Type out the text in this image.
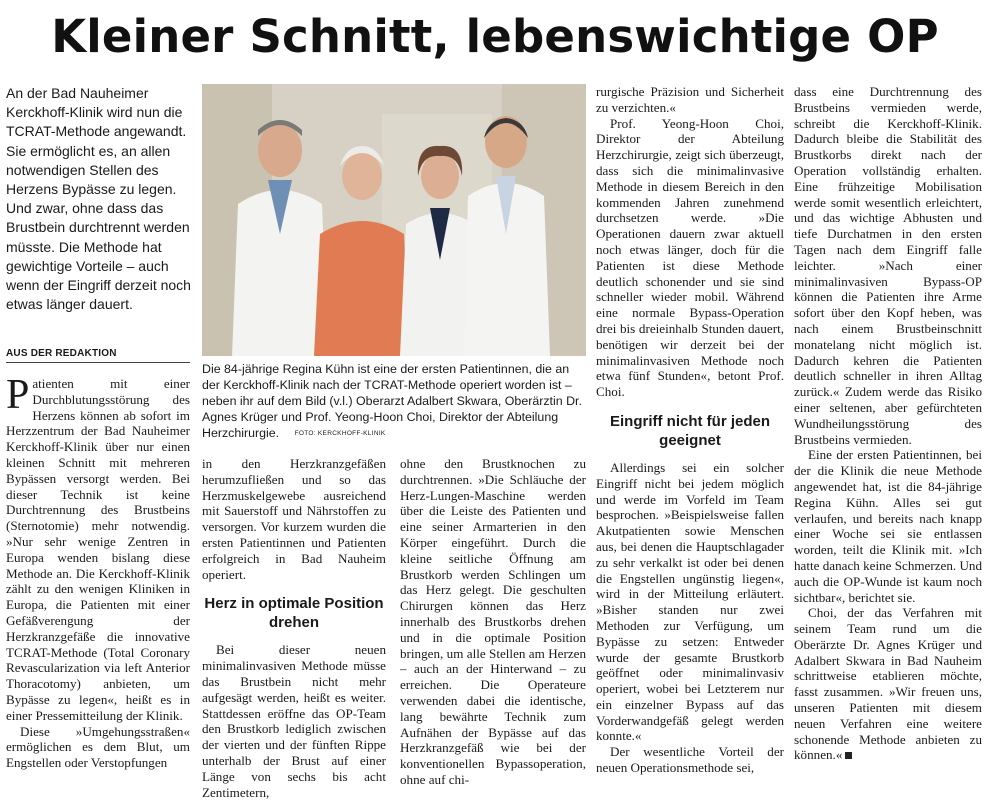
Kleiner Schnitt, lebenswichtige OP
An der Bad Nauheimer Kerckhoff-Klinik wird nun die TCRAT-Methode angewandt. Sie ermöglicht es, an allen notwendigen Stellen des Herzens Bypässe zu legen. Und zwar, ohne dass das Brustbein durchtrennt werden müsste. Die Methode hat gewichtige Vorteile – auch wenn der Eingriff derzeit noch etwas länger dauert.
AUS DER REDAKTION
Die 84-jährige Regina Kühn ist eine der ersten Patientinnen, die an der Kerckhoff-Klinik nach der TCRAT-Methode operiert worden ist – neben ihr auf dem Bild (v.l.) Oberarzt Adalbert Skwara, Oberärztin Dr. Agnes Krüger und Prof. Yeong-Hoon Choi, Direktor der Abteilung Herzchirurgie. FOTO: KERCKHOFF-KLINIK

Patienten mit einer Durchblutungsstörung des Herzens können ab sofort im Herzzentrum der Bad Nauheimer Kerckhoff-Klinik über nur einen kleinen Schnitt mit mehreren Bypässen versorgt werden. Bei dieser Technik ist keine Durchtrennung des Brustbeins (Sternotomie) mehr notwendig. »Nur sehr wenige Zentren in Europa wenden bislang diese Methode an. Die Kerckhoff-Klinik zählt zu den wenigen Kliniken in Europa, die Patienten mit einer Gefäßverengung der Herzkranzgefäße die innovative TCRAT-Methode (Total Coronary Revascularization via left Anterior Thoracotomy) anbieten, um Bypässe zu legen«, heißt es in einer Pressemitteilung der Klinik.

Diese »Umgehungsstraßen« ermöglichen es dem Blut, um Engstellen oder Verstopfungen

in den Herzkranzgefäßen herumzufließen und so das Herzmuskelgewebe ausreichend mit Sauerstoff und Nährstoffen zu versorgen. Vor kurzem wurden die ersten Patientinnen und Patienten erfolgreich in Bad Nauheim operiert.

Herz in optimale Position drehen

Bei dieser neuen minimalinvasiven Methode müsse das Brustbein nicht mehr aufgesägt werden, heißt es weiter. Stattdessen eröffne das OP-Team den Brustkorb lediglich zwischen der vierten und der fünften Rippe unterhalb der Brust auf einer Länge von sechs bis acht Zentimetern,

ohne den Brustknochen zu durchtrennen. »Die Schläuche der Herz-Lungen-Maschine werden über die Leiste des Patienten und eine seiner Armarterien in den Körper eingeführt. Durch die kleine seitliche Öffnung am Brustkorb werden Schlingen um das Herz gelegt. Die geschulten Chirurgen können das Herz innerhalb des Brustkorbs drehen und in die optimale Position bringen, um alle Stellen am Herzen – auch an der Hinterwand – zu erreichen. Die Operateure verwenden dabei die identische, lang bewährte Technik zum Aufnähen der Bypässe auf das Herzkranzgefäß wie bei der konventionellen Bypassoperation, ohne auf chi-

rurgische Präzision und Sicherheit zu verzichten.«

Prof. Yeong-Hoon Choi, Direktor der Abteilung Herzchirurgie, zeigt sich überzeugt, dass sich die minimalinvasive Methode in diesem Bereich in den kommenden Jahren zunehmend durchsetzen werde. »Die Operationen dauern zwar aktuell noch etwas länger, doch für die Patienten ist diese Methode deutlich schonender und sie sind schneller wieder mobil. Während eine normale Bypass-Operation drei bis dreieinhalb Stunden dauert, benötigen wir derzeit bei der minimalinvasiven Methode noch etwa fünf Stunden«, betont Prof. Choi.

Eingriff nicht für jeden geeignet

Allerdings sei ein solcher Eingriff nicht bei jedem möglich und werde im Vorfeld im Team besprochen. »Beispielsweise fallen Akutpatienten sowie Menschen aus, bei denen die Hauptschlagader zu sehr verkalkt ist oder bei denen die Engstellen ungünstig liegen«, wird in der Mitteilung erläutert. »Bisher standen nur zwei Methoden zur Verfügung, um Bypässe zu setzen: Entweder wurde der gesamte Brustkorb geöffnet oder minimalinvasiv operiert, wobei bei Letzterem nur ein einzelner Bypass auf das Vorderwandgefäß gelegt werden konnte.«

Der wesentliche Vorteil der neuen Operationsmethode sei,

dass eine Durchtrennung des Brustbeins vermieden werde, schreibt die Kerckhoff-Klinik. Dadurch bleibe die Stabilität des Brustkorbs direkt nach der Operation vollständig erhalten. Eine frühzeitige Mobilisation werde somit wesentlich erleichtert, und das wichtige Abhusten und tiefe Durchatmen in den ersten Tagen nach dem Eingriff falle leichter. »Nach einer minimalinvasiven Bypass-OP können die Patienten ihre Arme sofort über den Kopf heben, was nach einem Brustbeinschnitt monatelang nicht möglich ist. Dadurch kehren die Patienten deutlich schneller in ihren Alltag zurück.« Zudem werde das Risiko einer seltenen, aber gefürchteten Wundheilungsstörung des Brustbeins vermieden.

Eine der ersten Patientinnen, bei der die Klinik die neue Methode angewendet hat, ist die 84-jährige Regina Kühn. Alles sei gut verlaufen, und bereits nach knapp einer Woche sei sie entlassen worden, teilt die Klinik mit. »Ich hatte danach keine Schmerzen. Und auch die OP-Wunde ist kaum noch sichtbar«, berichtet sie.

Choi, der das Verfahren mit seinem Team rund um die Oberärzte Dr. Agnes Krüger und Adalbert Skwara in Bad Nauheim schrittweise etablieren möchte, fasst zusammen. »Wir freuen uns, unseren Patienten mit diesem neuen Verfahren eine weitere schonende Methode anbieten zu können.«
